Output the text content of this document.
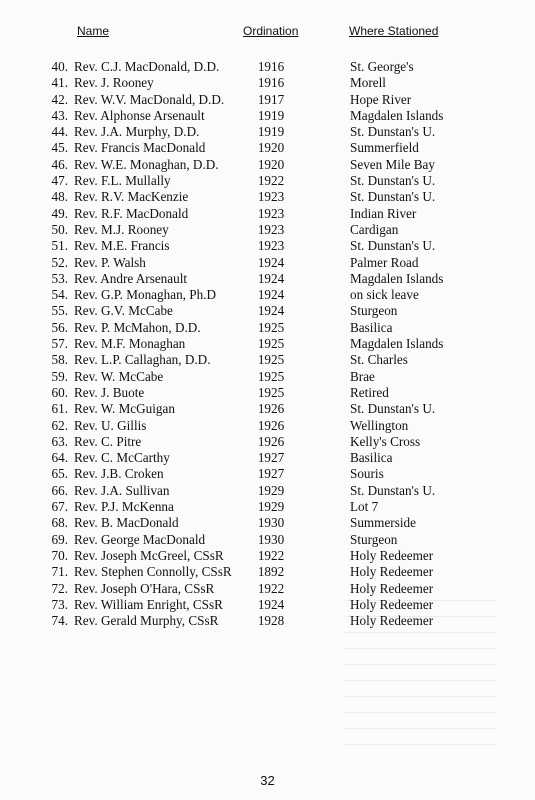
Name	Ordination	Where Stationed
40. Rev. C.J. MacDonald, D.D.	1916	St. George's
41. Rev. J. Rooney	1916	Morell
42. Rev. W.V. MacDonald, D.D.	1917	Hope River
43. Rev. Alphonse Arsenault	1919	Magdalen Islands
44. Rev. J.A. Murphy, D.D.	1919	St. Dunstan's U.
45. Rev. Francis MacDonald	1920	Summerfield
46. Rev. W.E. Monaghan, D.D.	1920	Seven Mile Bay
47. Rev. F.L. Mullally	1922	St. Dunstan's U.
48. Rev. R.V. MacKenzie	1923	St. Dunstan's U.
49. Rev. R.F. MacDonald	1923	Indian River
50. Rev. M.J. Rooney	1923	Cardigan
51. Rev. M.E. Francis	1923	St. Dunstan's U.
52. Rev. P. Walsh	1924	Palmer Road
53. Rev. Andre Arsenault	1924	Magdalen Islands
54. Rev. G.P. Monaghan, Ph.D	1924	on sick leave
55. Rev. G.V. McCabe	1924	Sturgeon
56. Rev. P. McMahon, D.D.	1925	Basilica
57. Rev. M.F. Monaghan	1925	Magdalen Islands
58. Rev. L.P. Callaghan, D.D.	1925	St. Charles
59. Rev. W. McCabe	1925	Brae
60. Rev. J. Buote	1925	Retired
61. Rev. W. McGuigan	1926	St. Dunstan's U.
62. Rev. U. Gillis	1926	Wellington
63. Rev. C. Pitre	1926	Kelly's Cross
64. Rev. C. McCarthy	1927	Basilica
65. Rev. J.B. Croken	1927	Souris
66. Rev. J.A. Sullivan	1929	St. Dunstan's U.
67. Rev. P.J. McKenna	1929	Lot 7
68. Rev. B. MacDonald	1930	Summerside
69. Rev. George MacDonald	1930	Sturgeon
70. Rev. Joseph McGreel, CSsR	1922	Holy Redeemer
71. Rev. Stephen Connolly, CSsR 1892	Holy Redeemer
72. Rev. Joseph O'Hara, CSsR	1922	Holy Redeemer
73. Rev. William Enright, CSsR	1924	Holy Redeemer
74. Rev. Gerald Murphy, CSsR	1928	Holy Redeemer
32
